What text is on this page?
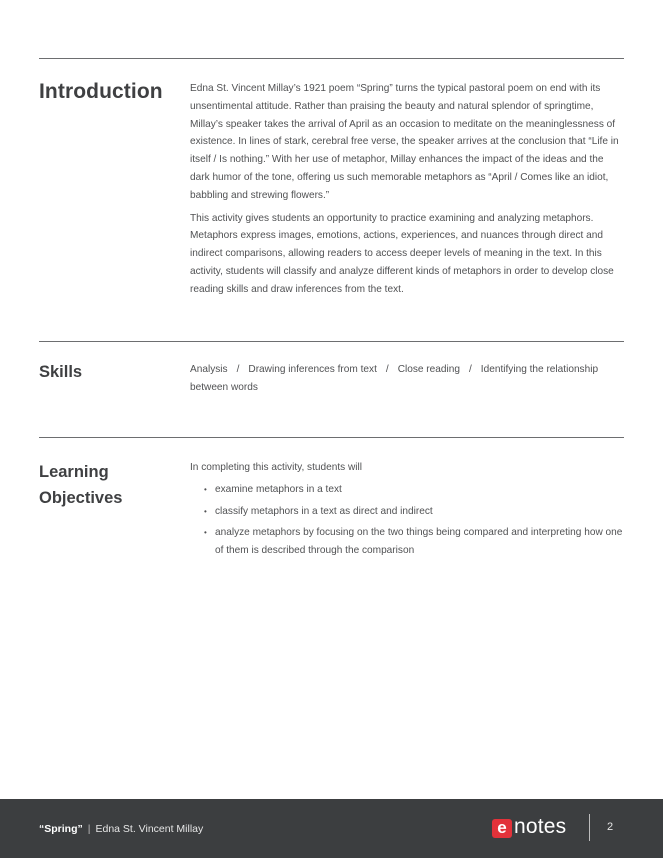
Introduction	Edna St. Vincent Millay’s 1921 poem “Spring” turns the typical pastoral poem on end with its unsentimental attitude. Rather than praising the beauty and natural splendor of springtime, Millay’s speaker takes the arrival of April as an occasion to meditate on the meaninglessness of existence. In lines of stark, cerebral free verse, the speaker arrives at the conclusion that “Life in itself / Is nothing.” With her use of metaphor, Millay enhances the impact of the ideas and the dark humor of the tone, offering us such memorable metaphors as “April / Comes like an idiot, babbling and strewing flowers.”

This activity gives students an opportunity to practice examining and analyzing metaphors. Metaphors express images, emotions, actions, experiences, and nuances through direct and indirect comparisons, allowing readers to access deeper levels of meaning in the text. In this activity, students will classify and analyze different kinds of metaphors in order to develop close reading skills and draw inferences from the text.

Skills	Analysis / Drawing inferences from text / Close reading / Identifying the relationship between words
Learning
Objectives

In completing this activity, students will

• examine metaphors in a text
• classify metaphors in a text as direct and indirect
• analyze metaphors by focusing on the two things being compared and interpreting how one of them is described through the comparison
“Spring” | Edna St. Vincent Millay	e notes	2
